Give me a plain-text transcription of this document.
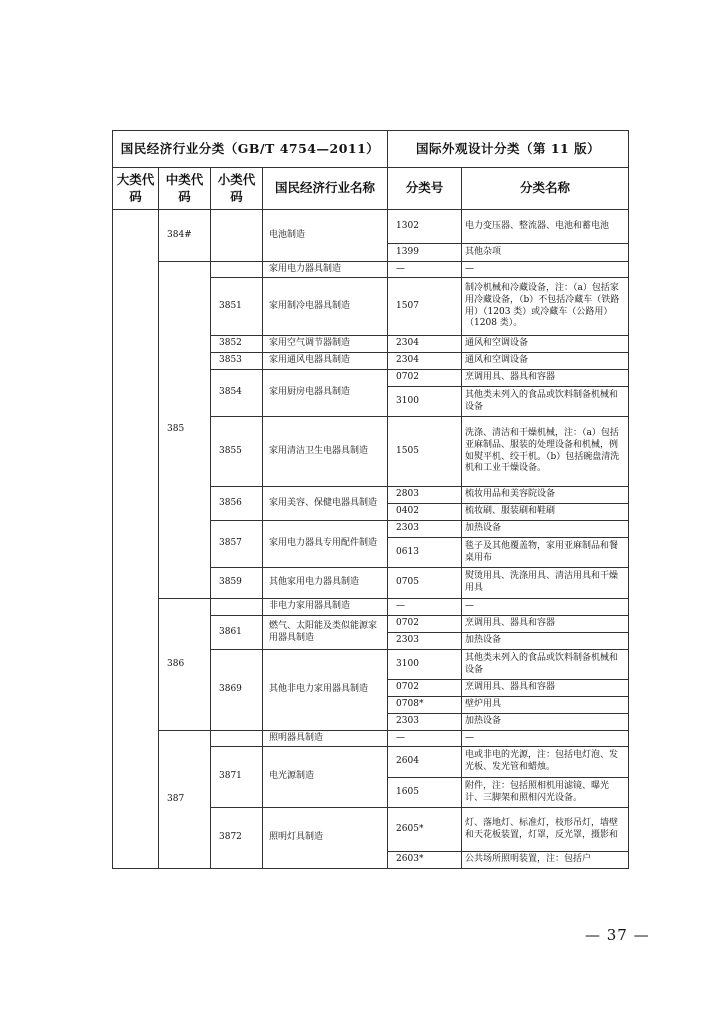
国民经济行业分类（GB/T 4754—2011）				国际外观设计分类（第 11 版）	
大类代码	中类代码	小类代码	国民经济行业名称	分类号	分类名称
	384#		电池制造	1302	电力变压器、整流器、电池和蓄电池
				1399	其他杂项
	385		家用电力器具制造	—	—
		3851	家用制冷电器具制造	1507	制冷机械和冷藏设备，注：（a）包括家用冷藏设备，（b）不包括冷藏车（铁路用）（1203 类）或冷藏车（公路用）（1208 类）。
		3852	家用空气调节器制造	2304	通风和空调设备
		3853	家用通风电器具制造	2304	通风和空调设备
		3854	家用厨房电器具制造	0702	烹调用具、器具和容器
				3100	其他类未列入的食品或饮料制备机械和设备
		3855	家用清洁卫生电器具制造	1505	洗涤、清洁和干燥机械，注：（a）包括亚麻制品、服装的处理设备和机械，例如熨平机、绞干机。（b）包括碗盘清洗机和工业干燥设备。
		3856	家用美容、保健电器具制造	2803	梳妆用品和美容院设备
				0402	梳妆刷、服装刷和鞋刷
		3857	家用电力器具专用配件制造	2303	加热设备
				0613	毯子及其他覆盖物，家用亚麻制品和餐桌用布
		3859	其他家用电力器具制造	0705	熨烫用具、洗涤用具、清洁用具和干燥用具
	386		非电力家用器具制造	—	—
		3861	燃气、太阳能及类似能源家用器具制造	0702	烹调用具、器具和容器
				2303	加热设备
		3869	其他非电力家用器具制造	3100	其他类未列入的食品或饮料制备机械和设备
				0702	烹调用具、器具和容器
				0708*	壁炉用具
				2303	加热设备
	387		照明器具制造	—	—
		3871	电光源制造	2604	电或非电的光源，注：包括电灯泡、发光板、发光管和蜡烛。
				1605	附件，注：包括照相机用滤镜、曝光计、三脚架和照相闪光设备。
		3872	照明灯具制造	2605*	灯、落地灯、标准灯，枝形吊灯，墙壁和天花板装置，灯罩，反光罩，摄影和
				2603*	公共场所照明装置，注：包括户
— 37 —
